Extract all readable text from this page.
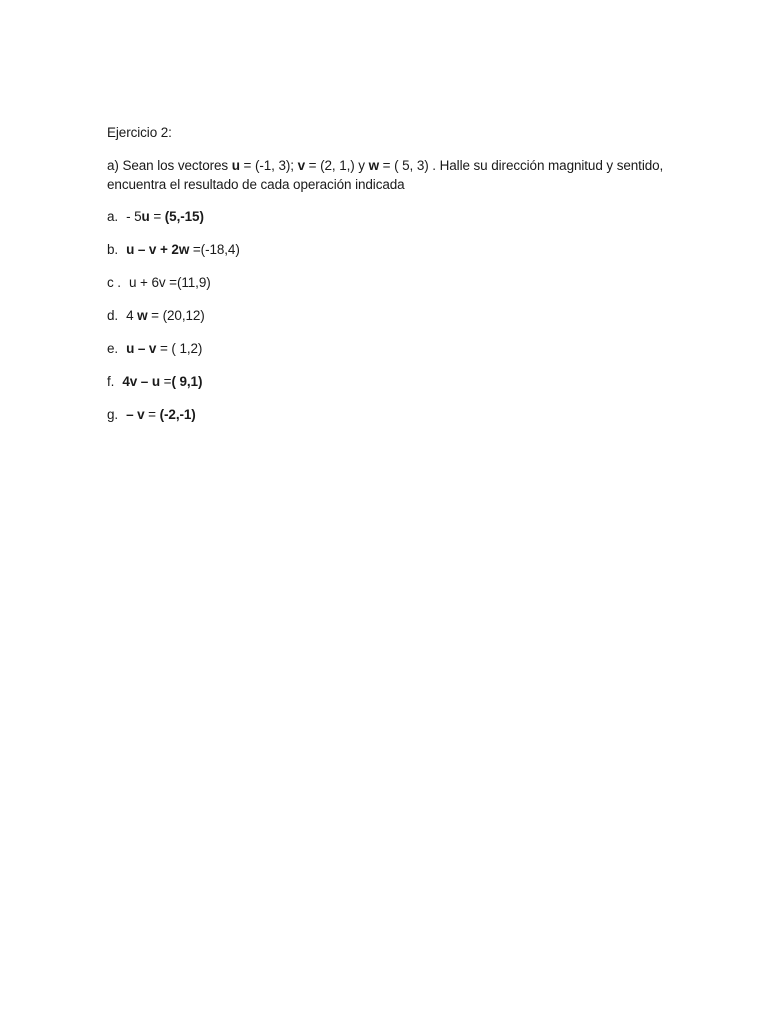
Ejercicio 2:

a) Sean los vectores u = (-1, 3); v = (2, 1,) y w = ( 5, 3) . Halle su dirección magnitud y sentido,
encuentra el resultado de cada operación indicada

a. - 5u = (5,-15)
b. u – v + 2w =(-18,4)
c . u + 6v =(11,9)
d. 4 w = (20,12)
e. u – v = ( 1,2)
f. 4v – u =( 9,1)
g. – v = (-2,-1)
